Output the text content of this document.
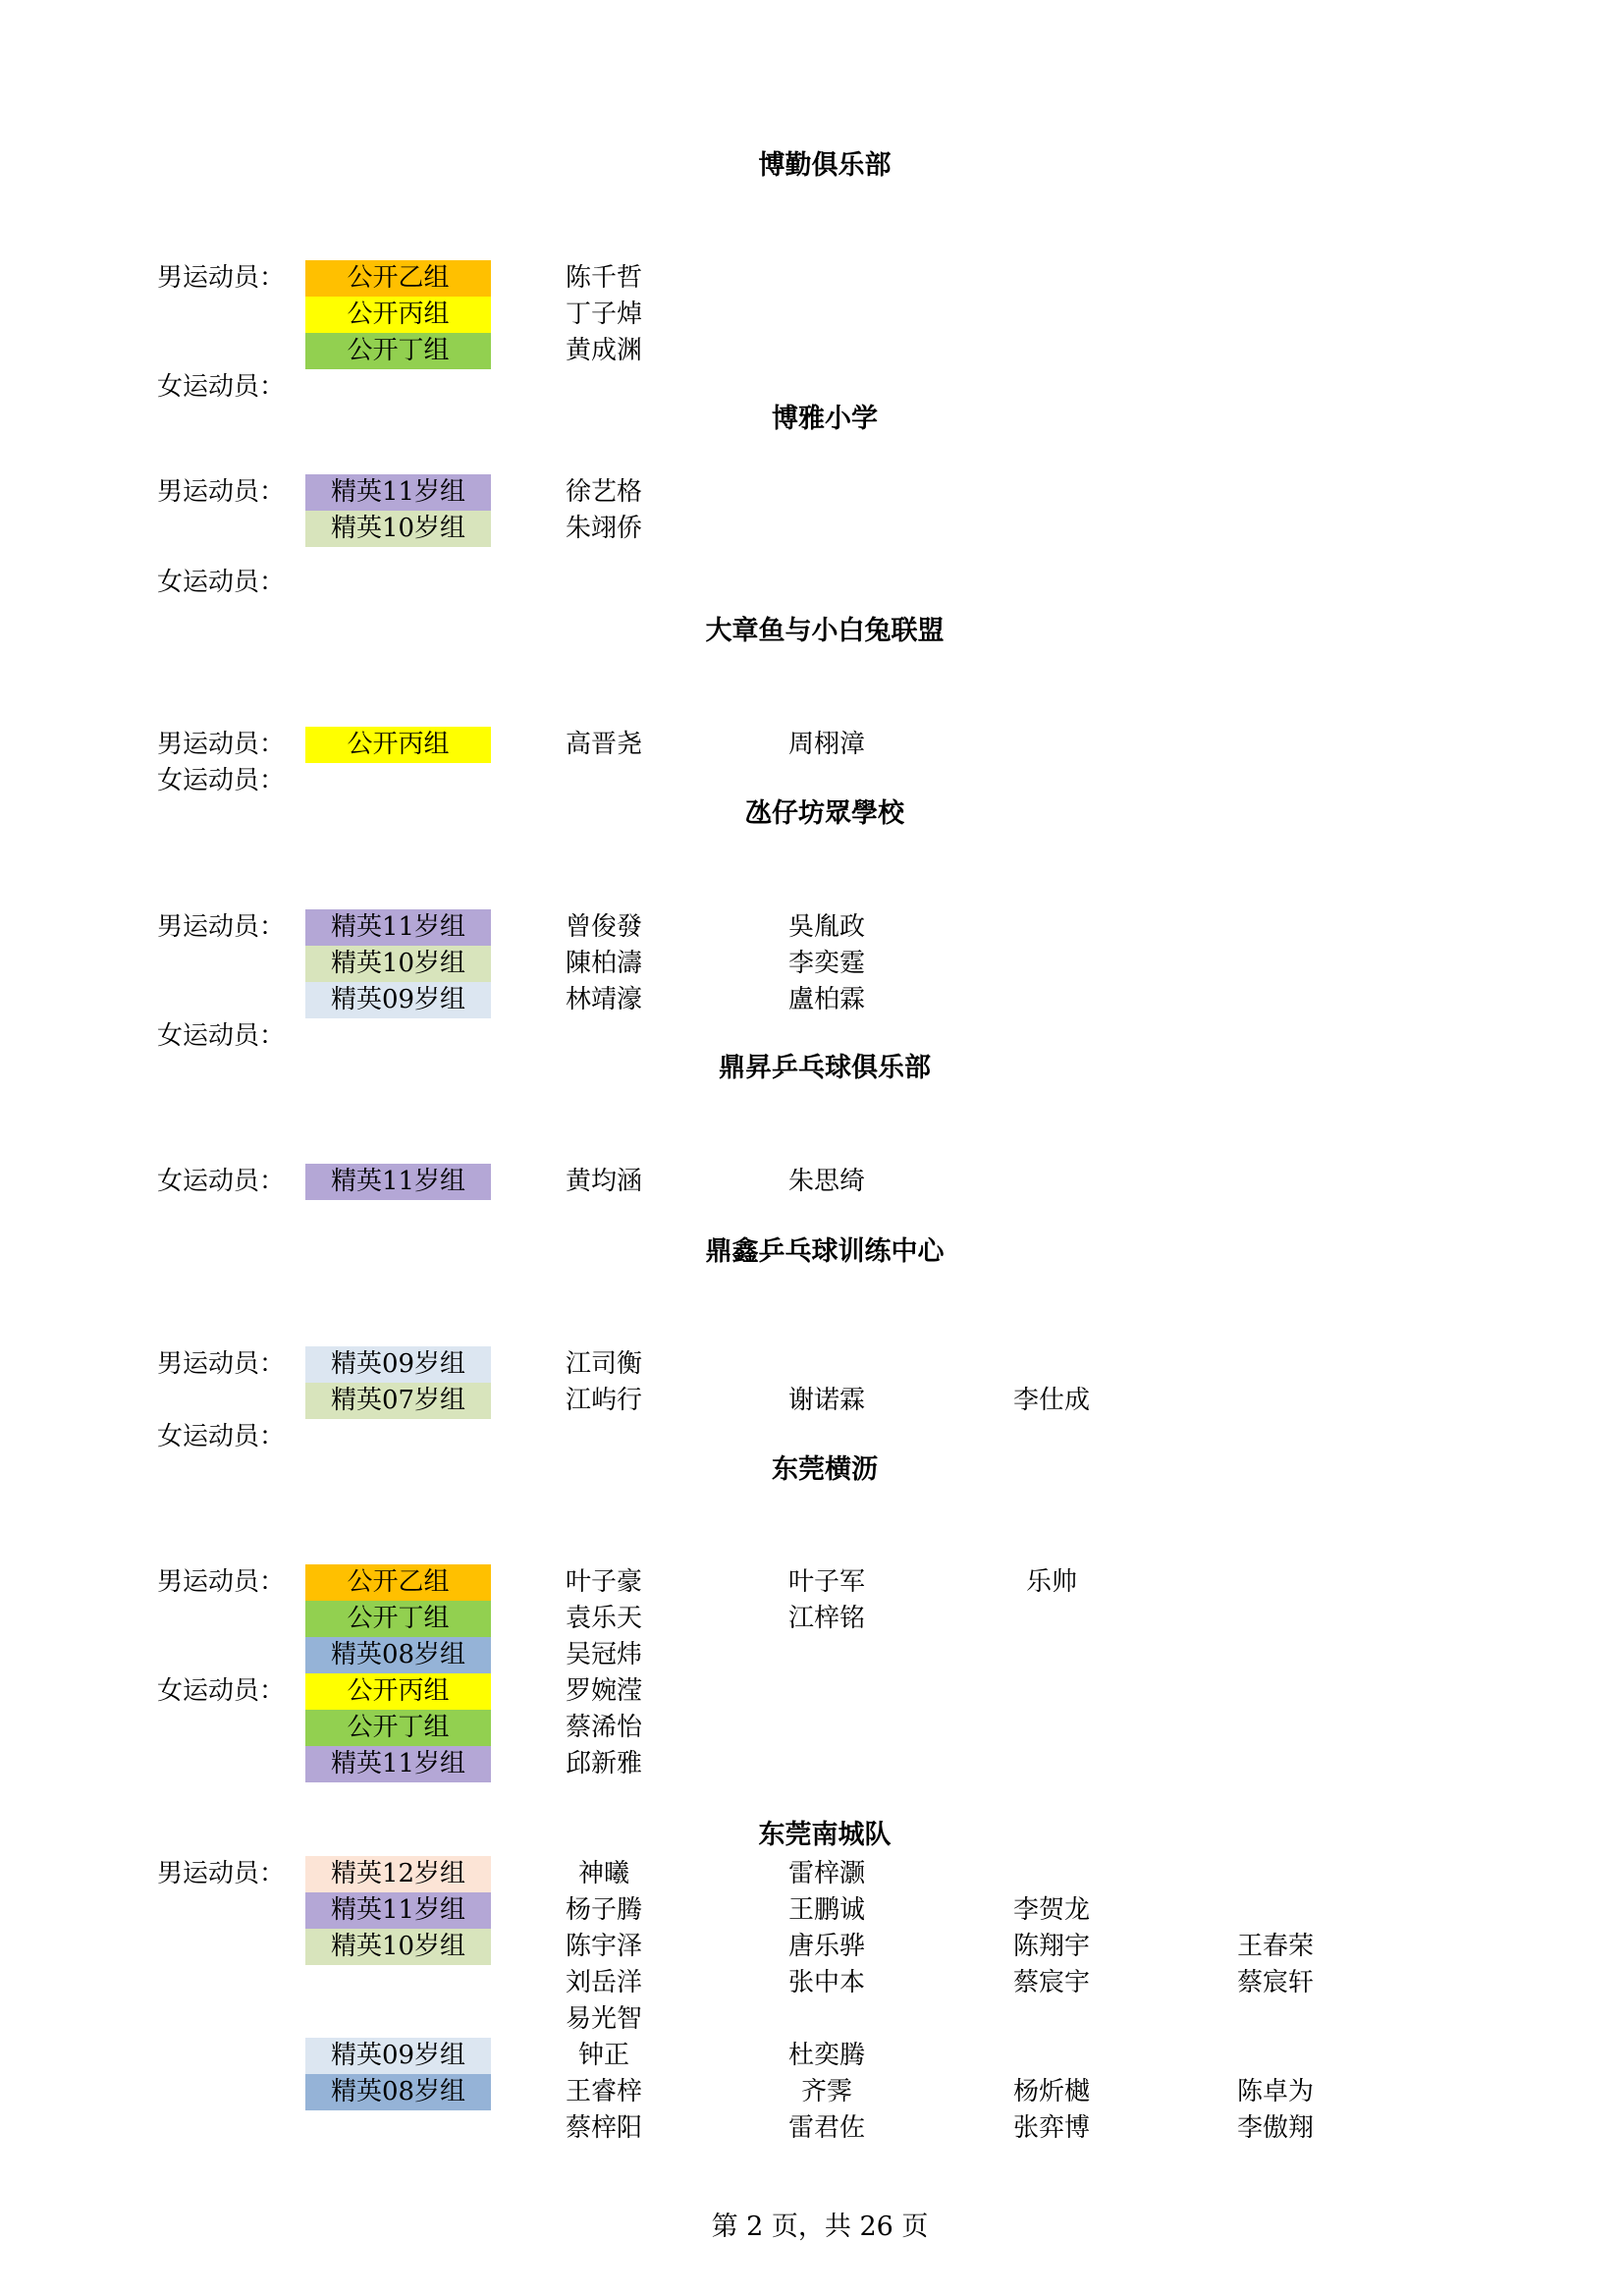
博勤俱乐部
男运动员：	公开乙组	陈千哲
公开丙组	丁子焯
公开丁组	黄成渊
女运动员：
博雅小学
男运动员：	精英11岁组	徐艺格
精英10岁组	朱翊侨
女运动员：
大章鱼与小白兔联盟
男运动员：	公开丙组	高晋尧	周栩漳
女运动员：
氹仔坊眾學校
男运动员：	精英11岁组	曾俊發	吳胤政
精英10岁组	陳柏濤	李奕霆
精英09岁组	林靖濠	盧柏霖
女运动员：
鼎昇乒乓球俱乐部
女运动员：	精英11岁组	黄均涵	朱思绮
鼎鑫乒乓球训练中心
男运动员：	精英09岁组	江司衡
精英07岁组	江屿行	谢诺霖	李仕成
女运动员：
东莞横沥
男运动员：	公开乙组	叶子豪	叶子军	乐帅
公开丁组	袁乐天	江梓铭
精英08岁组	吴冠炜
女运动员：	公开丙组	罗婉滢
公开丁组	蔡浠怡
精英11岁组	邱新雅
东莞南城队
男运动员：	精英12岁组	神曦	雷梓灏
精英11岁组	杨子腾	王鹏诚	李贺龙
精英10岁组	陈宇泽	唐乐骅	陈翔宇	王春荣
刘岳洋	张中本	蔡宸宇	蔡宸轩
易光智
精英09岁组	钟正	杜奕腾
精英08岁组	王睿梓	齐霁	杨炘樾	陈卓为
蔡梓阳	雷君佐	张弈博	李傲翔
第 2 页，共 26 页
